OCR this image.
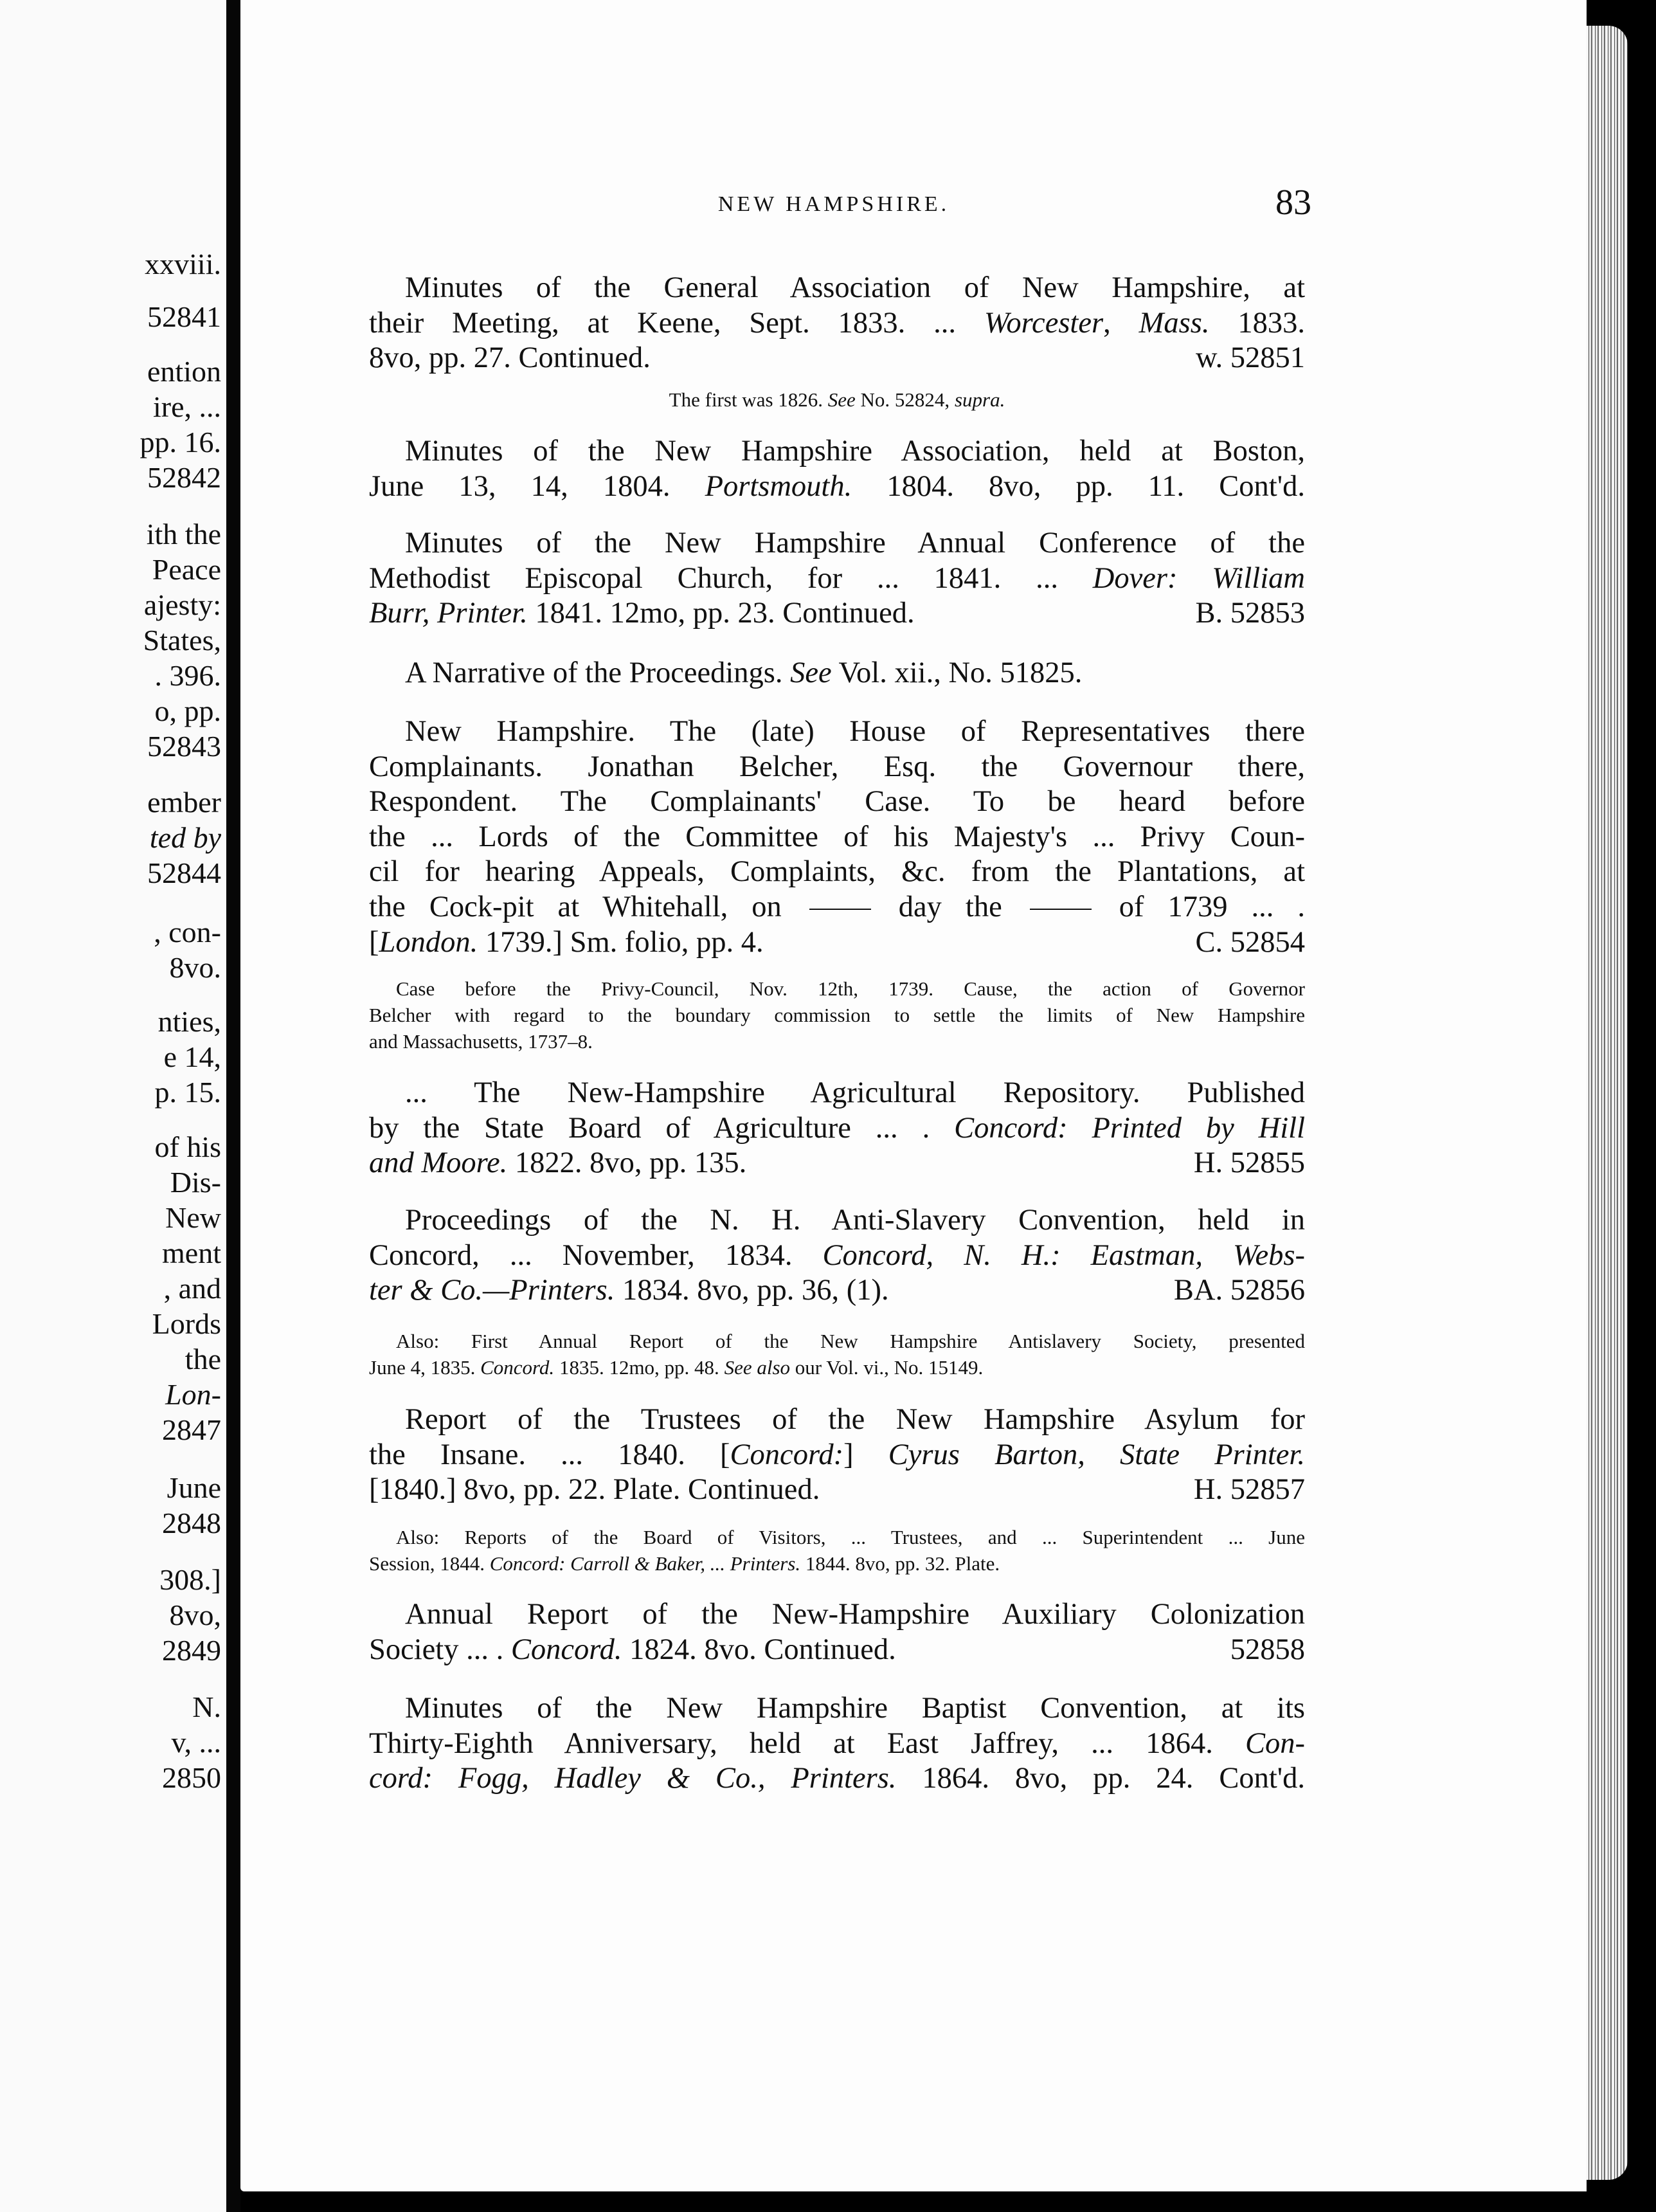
xxviii.
52841
ention
ire, ...
pp. 16.
52842
ith the
Peace
ajesty:
States,
. 396.
o, pp.
52843
ember
ted by
52844
, con-
8vo.
nties,
e 14,
p. 15.
of his
Dis-
New
ment
, and
Lords
the
Lon-
2847
June
2848
308.]
8vo,
2849
N.
v, ...
2850
NEW HAMPSHIRE.	83
Minutes of the General Association of New Hampshire, at
their Meeting, at Keene, Sept. 1833. ... Worcester, Mass. 1833.
8vo, pp. 27. Continued.	w. 52851
The first was 1826. See No. 52824, supra.
Minutes of the New Hampshire Association, held at Boston,
June 13, 14, 1804. Portsmouth. 1804. 8vo, pp. 11. Cont'd.
Minutes of the New Hampshire Annual Conference of the
Methodist Episcopal Church, for ... 1841. ... Dover: William
Burr, Printer. 1841. 12mo, pp. 23. Continued.	B. 52853
A Narrative of the Proceedings. See Vol. xii., No. 51825.
New Hampshire. The (late) House of Representatives there
Complainants. Jonathan Belcher, Esq. the Governour there,
Respondent. The Complainants' Case. To be heard before
the ... Lords of the Committee of his Majesty's ... Privy Coun-
cil for hearing Appeals, Complaints, &c. from the Plantations, at
the Cock-pit at Whitehall, on	day the	of 1739 ... .
[London. 1739.] Sm. folio, pp. 4.	C. 52854
Case before the Privy-Council, Nov. 12th, 1739. Cause, the action of Governor
Belcher with regard to the boundary commission to settle the limits of New Hampshire
and Massachusetts, 1737–8.
... The New-Hampshire Agricultural Repository. Published
by the State Board of Agriculture ... . Concord: Printed by Hill
and Moore. 1822. 8vo, pp. 135.	H. 52855
Proceedings of the N. H. Anti-Slavery Convention, held in
Concord, ... November, 1834. Concord, N. H.: Eastman, Webs-
ter & Co.—Printers. 1834. 8vo, pp. 36, (1).	BA. 52856
Also: First Annual Report of the New Hampshire Antislavery Society, presented
June 4, 1835. Concord. 1835. 12mo, pp. 48. See also our Vol. vi., No. 15149.
Report of the Trustees of the New Hampshire Asylum for
the Insane. ... 1840. [Concord:] Cyrus Barton, State Printer.
[1840.] 8vo, pp. 22. Plate. Continued.	H. 52857
Also: Reports of the Board of Visitors, ... Trustees, and ... Superintendent ... June
Session, 1844. Concord: Carroll & Baker, ... Printers. 1844. 8vo, pp. 32. Plate.
Annual Report of the New-Hampshire Auxiliary Colonization
Society ... . Concord. 1824. 8vo. Continued.	52858
Minutes of the New Hampshire Baptist Convention, at its
Thirty-Eighth Anniversary, held at East Jaffrey, ... 1864. Con-
cord: Fogg, Hadley & Co., Printers. 1864. 8vo, pp. 24. Cont'd.
